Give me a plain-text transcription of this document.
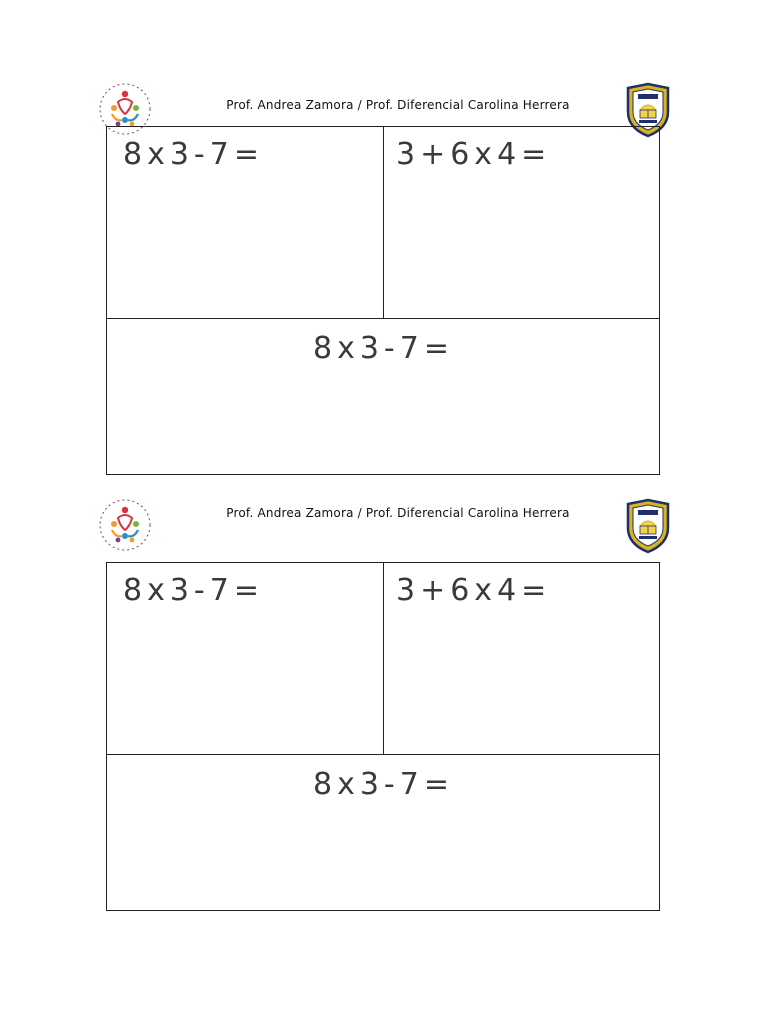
Prof. Andrea Zamora / Prof. Diferencial Carolina Herrera
8x3-7=	3+6x4=
8x3-7=
Prof. Andrea Zamora / Prof. Diferencial Carolina Herrera
8x3-7=	3+6x4=
8x3-7=
